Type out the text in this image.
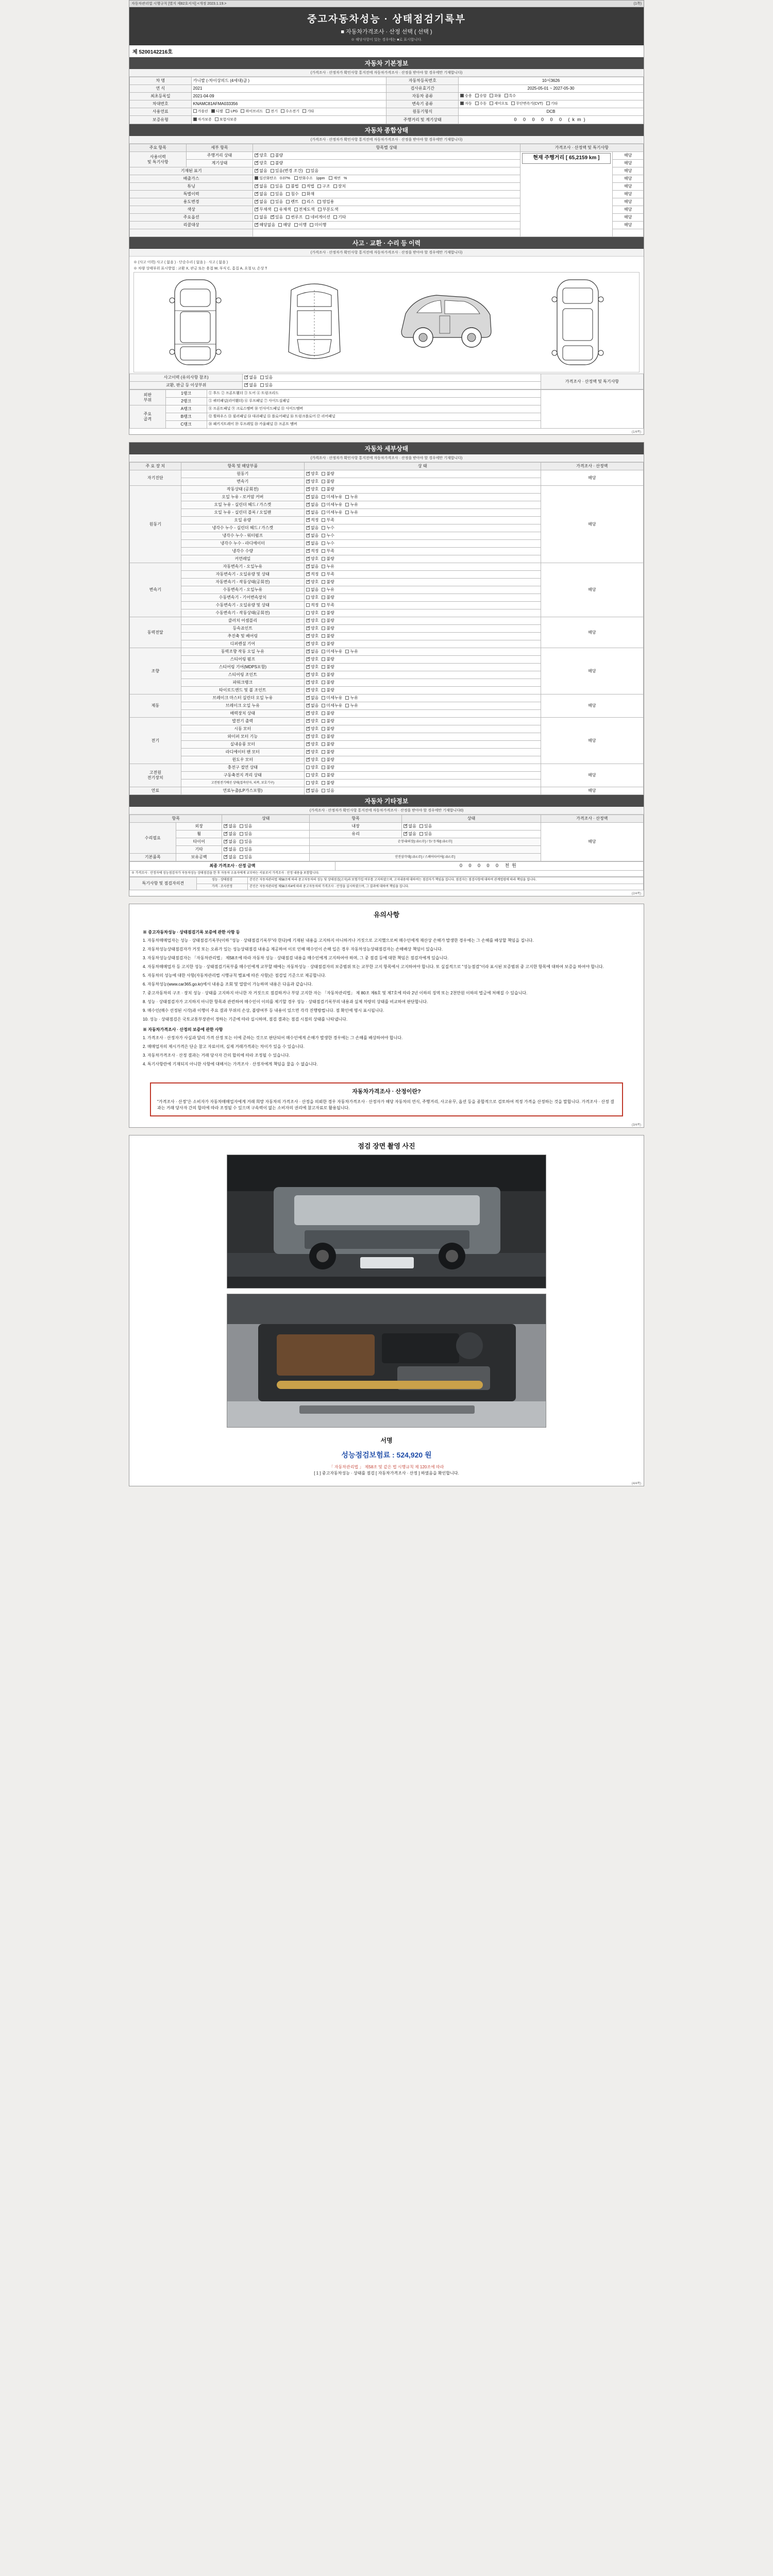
자동차관리법 시행규칙 [별지 제82호서식] <개정 2023.1.19.>	(1쪽)
중고자동차성능 · 상태점검기록부
■ 자동차가격조사 · 산정 선택 ( 선택 )
※ 해당사항이 있는 경우에는 ■로 표시합니다.
제 5200142216호
자동차 기본정보
(가격조사 · 산정자가 확인사항 통지전에 자동차가격조사 · 산정을 받아야 할 경우에만 기재합니다)
차 명	카니발 (-차이상의드 (4세대)급 )	자동차등록번호	10서3626
연 식	2021	검사유효기간	2025-05-01 ~ 2027-05-30
최초등록일	2021-04-09	자동차 종류	승용 승합 화물 특수
차대번호	KNAMC81AFMA033356	변속기 종류	자동 수동 세미오토 무단변속기(CVT) 기타
사용연료	가솔린 디젤 LPG 하이브리드 전기 수소전기 기타	원동기형식	DCB
보증유형	자가보증 보험사보증	주행거리 및 계기상태	0 0 0 0 0 0 (km)
자동차 종합상태
(가격조사 · 산정자가 확인사항 통지전에 자동차가격조사 · 산정을 받아야 할 경우에만 기재합니다)
주요 항목	세부 항목	항목별 상태	가격조사 · 산정액 및 특기사항	
사용이력
및 특기사항	주행거리 상태	✓양호 불량	현재 주행거리 [ 65,2159 km ]	해당
	계기상태	✓양호 불량		해당
기재된 표기	✓없음 있음(변경 조건) 있음		해당
배출가스		일산화탄소 0.07% 탄화수소 1ppm 매연 %		해당
튜닝	✓없음 있음 불법 적법 구조 장치		해당
특별이력	✓없음 있음 침수 화재		해당
용도변경	✓없음 있음 렌트 리스 영업용		해당
색상	✓무채색 유채색 전체도색 부분도색		해당
주요옵션		없음 ✓ 있음 썬루프 네비게이션 기타		해당
리콜대상	✓해당없음 해당 이행 미이행		해당

사고 · 교환 · 수리 등 이력
(가격조사 · 산정자가 확인사항 통지전에 자동차가격조사 · 산정을 받아야 할 경우에만 기재합니다)
※ (사고 이력) 사고 ( 없음 ) · 단순수리 ( 없음 ) · 사고 ( 없음 )
※ 차량 상태부위 표시방법 : 교환 X, 판금 또는 용접 W, 부식 C, 흠집 A, 요철 U, 손상 T
사고이력 (유의사항 참조)	✓없음 있음	가격조사 · 산정액 및 특기사항
교환, 판금 등 이상부위	✓없음 있음
외판
부위	1랭크	① 후드 ② 프론트휀더 ③ 도어 ④ 트렁크리드	
	2랭크	⑤ 쿼터패널(리어휀더) ⑥ 루프패널 ⑦ 사이드실패널	
주요
골격	A랭크	⑧ 프론트패널 ⑨ 크로스멤버 ⑩ 인사이드패널 ⑪ 사이드멤버	
	B랭크	⑫ 휠하우스 ⑬ 필러패널 ⑭ 대쉬패널 ⑮ 플로어패널 ⑯ 트렁크플로어 ⑰ 리어패널	
	C랭크	⑱ 패키지트레이 ⑲ 루프레일 ⑳ 카울패널 ㉑ 프론트 멤버	
(1/4쪽)
자동차 세부상태
(가격조사 · 산정자가 확인사항 통지전에 자동차가격조사 · 산정을 받아야 할 경우에만 기재합니다)
주 요 장 치	항목 및 해당부품	상 태	가격조사 · 산정액
자기진단	원동기	✓양호 불량	해당
	변속기	✓양호 불량
원동기	작동상태 (공회전)	✓양호 불량	해당
	오일 누유 - 로커암 커버	✓없음 미세누유 누유
	오일 누유 - 실린더 헤드 / 가스켓	✓없음 미세누유 누유
	오일 누유 - 실린더 블록 / 오일팬	✓없음 미세누유 누유
	오일 유량	✓적정 부족
	냉각수 누수 - 실린더 헤드 / 가스켓	✓없음 누수
	냉각수 누수 - 워터펌프	✓없음 누수
	냉각수 누수 - 라디에이터	✓없음 누수
	냉각수 수량	✓적정 부족
	커먼레일	✓양호 불량
변속기	자동변속기 - 오일누유	✓없음 누유	해당
	자동변속기 - 오일유량 및 상태	✓적정 부족
	자동변속기 - 작동상태(공회전)	✓양호 불량
	수동변속기 - 오일누유	없음 누유	
	수동변속기 - 기어변속장치	양호 불량	
	수동변속기 - 오일유량 및 상태	적정 부족	
	수동변속기 - 작동상태(공회전)	양호 불량	
동력전달	클러치 어셈블리	✓양호 불량	해당
	등속죠인트	✓양호 불량
	추진축 및 베어링	✓양호 불량
	디퍼렌셜 기어	✓양호 불량
조향	동력조향 작동 오일 누유	✓없음 미세누유 누유	해당
	스티어링 펌프	✓양호 불량
	스티어링 기어(MDPS포함)	✓양호 불량
	스티어링 조인트	✓양호 불량
	파워크랭크	✓양호 불량
	타이로드엔드 및 볼 조인트	✓양호 불량
제동	브레이크 마스터 실린더 오일 누유	✓없음 미세누유 누유	해당
	브레이크 오일 누유	✓없음 미세누유 누유
	배력장치 상태	✓양호 불량
전기	발전기 출력	✓양호 불량	해당
	시동 모터	✓양호 불량
	와이퍼 모터 기능	✓양호 불량
	실내송풍 모터	✓양호 불량
	라디에이터 팬 모터	✓양호 불량
	윈도우 모터	✓양호 불량
고전원
전기장치	충전구 절연 상태	양호 불량	해당
	구동축전지 격리 상태	양호 불량	
	고전원전기배선 상태(접속단자, 피복, 보호기구)	양호 불량	
연료	연료누출(LP가스포함)	✓없음 있음	해당
자동차 기타정보
(가격조사 · 산정자가 확인사항 통지전에 자동차가격조사 · 산정을 받아야 할 경우에만 기재합니다0)
항목		상태	항목	상태	가격조사 · 산정액
수리필요	외장	✓없음 있음	내장	✓없음 있음	해당
	휠	✓없음 있음	유리	✓없음 있음
	타이어	✓없음 있음	순정내/외장[□유/□무] / 등/ 등재/[□유/□무]		
	기타	✓없음 있음	
기본품목	보유공백	✓없음 있음	안전삼각대[□유/□무] / 스페어타이어[□유/□무]		
최종 가격조사 · 산정 금액	0 0 0 0 0 천원
※ 가격조사 · 산정자에 성능점검자가 자동차성능 상태점검을 한 후 자동차 소유자에게 교부하는 서류로서 가격조사 · 산정 내용을 포함합니다.
특기사항 및 점검자의견	성능 · 상태점검	본인은 자동차관리법 제58조에 따라 중고자동차의 성능 및 상태점검(고지)과 보험가입 여부를 고지하였으며, 고지내용에 대하여는 점검자가 책임을 집니다. 점검자는 점검사항에 대하여 관계법령에 따라 책임을 집니다.
	가격 · 조사산정	본인은 자동차관리법 제58조의4에 따라 중고자동차의 가격조사 · 산정을 실시하였으며, 그 결과에 대하여 책임을 집니다.
(2/4쪽)
유의사항
※ 중고자동차성능 · 상태점검기록 보증에 관한 사항 등

1. 자동차매매업자는 성능 · 상태점검기록부(이하 "성능 · 상태점검기록부"라 한다)에 기재된 내용을 고지하지 아니하거나 거짓으로 고지했으로써 매수인에게 재산상 손해가 발생한 경우에는 그 손해를 배상할 책임을 집니다.

2. 자동차성능상태점검자가 거짓 또는 오류가 있는 성능상태점검 내용을 제공하여 이로 인해 매수인이 손해 입은 경우 자동차성능상태점검자는 손해배상 책임이 있습니다.

3. 자동차성능상태점검자는 「자동차관리법」 제58조에 따라 자동차 성능 · 상태점검 내용을 매수인에게 고지하여야 하며, 그 중 점검 등에 대한 책임은 점검자에게 있습니다.

4. 자동차매매업자 등 고지한 성능 · 상태점검기록부를 매수인에게 교부할 때에는 자동차성능 · 상태점검자의 보증범위 또는 교부한 고지 항목에서 고지하여야 합니다. 또 실질적으로 "성능점검"이라 표시된 보증범위 중 고지한 항목에 대하여 보증을 하여야 합니다.

5. 자동차의 성능에 대한 사항(자동차관리법 시행규칙 별표에 따른 사항)은 점검일 기준으로 제공합니다.

6. 자동차성능(www.car365.go.kr)에서 내용을 조회 및 열람이 가능하며 내용은 다음과 같습니다.

7. 중고자동차의 구조 · 장치 성능 · 상태를 고지하지 아니한 자 거짓으로 점검하거나 부당 고지한 자는 「자동차관리법」 제 80조 제6호 및 제7호에 따라 2년 이하의 징역 또는 2천만원 이하의 벌금에 처해질 수 있습니다.

8. 성능 · 상태점검자가 고지하지 아니한 항목과 관련하여 매수인이 이의를 제기할 경우 성능 · 상태점검기록부의 내용과 실제 차량의 상태를 비교하여 판단합니다.

9. 매수인(매수 선정된 시각)과 이행이 주요 결과 부위의 손상, 불량여부 등 내용이 있으면 각각 진행방법니다. 점 확인에 명시 표시됩니다.

10. 성능 · 상태점검은 국토교통부장관이 정하는 기준에 따라 실시하며, 점검 결과는 점검 시점의 상태를 나타냅니다.

※ 자동차가격조사 · 산정의 보증에 관한 사항

1. 가격조사 · 산정자가 사실과 달리 가격 산정 또는 이에 준하는 것으로 판단되어 매수인에게 손해가 발생한 경우에는 그 손해를 배상하여야 합니다.

2. 매매업자의 제시가격은 단순 참고 자료이며, 실제 거래가격과는 차이가 있을 수 있습니다.

3. 자동차가격조사 · 산정 결과는 거래 당사자 간의 합의에 따라 조정될 수 있습니다.

4. 특기사항란에 기재되지 아니한 사항에 대해서는 가격조사 · 산정자에게 책임을 물을 수 없습니다.

자동차가격조사 · 산정이란?
"가격조사 · 산정"은 소비자가 자동차매매업자에게 거래 희망 자동차의 가격조사 · 산정을 의뢰한 경우 자동차가격조사 · 산정자가 해당 자동차의 연식, 주행거리, 사고유무, 옵션 등을 종합적으로 검토하여 적정 가격을 산정하는 것을 말합니다. 가격조사 · 산정 결과는 거래 당사자 간의 합의에 따라 조정될 수 있으며 구속력이 없는 소비자의 권리에 참고자료로 활용됩니다.
(3/4쪽)
점검 장면 촬영 사진
서명
성능점검보험료 : 524,920 원
「 자동차관리법 」 제58조 및 같은 법 시행규칙 제 120조에 따라
[ 1 ] 중고자동차성능 · 상태를 점검 [ 자동차가격조사 · 산정 ] 하였음을 확인합니다.
(4/4쪽)
